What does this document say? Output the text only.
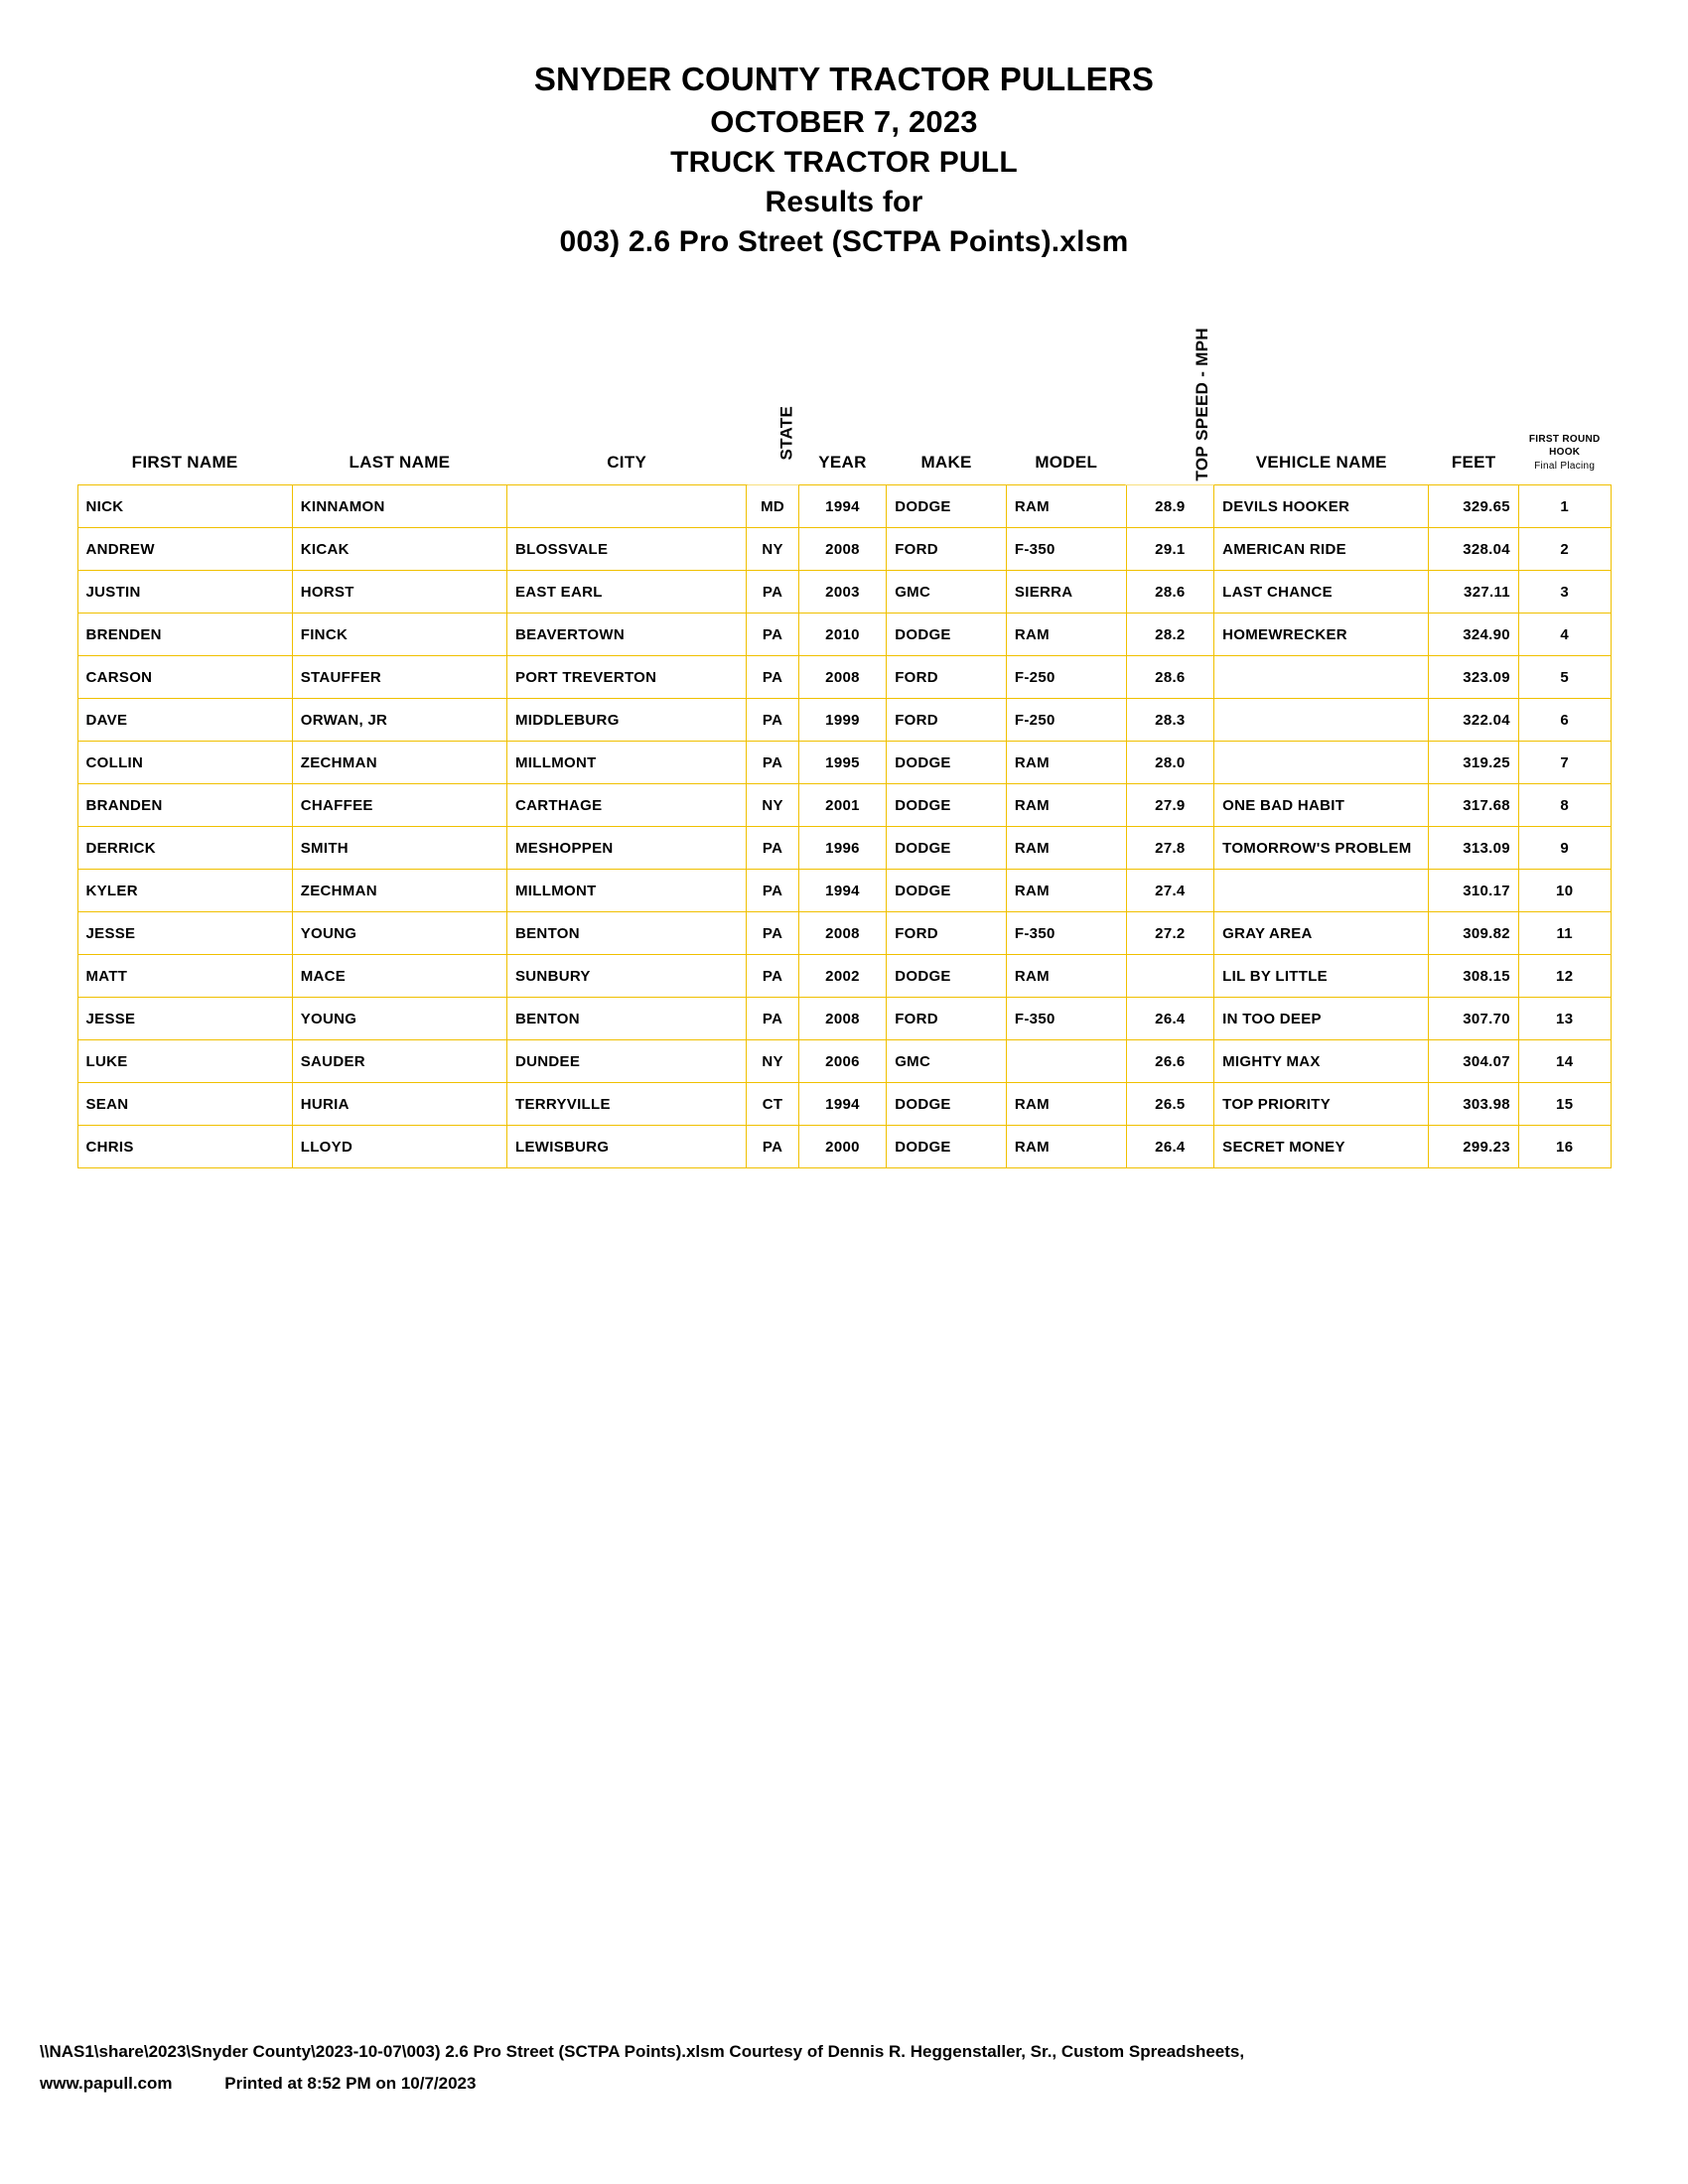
SNYDER COUNTY TRACTOR PULLERS
OCTOBER 7, 2023
TRUCK TRACTOR PULL
Results for
003) 2.6 Pro Street (SCTPA Points).xlsm
FIRST NAME	LAST NAME	CITY	STATE	YEAR	MAKE	MODEL	TOP SPEED - MPH	VEHICLE NAME	FEET	FIRST ROUND
HOOK
Final Placing

NICK	KINNAMON		MD	1994	DODGE	RAM	28.9	DEVILS HOOKER	329.65	1
ANDREW	KICAK	BLOSSVALE	NY	2008	FORD	F-350	29.1	AMERICAN RIDE	328.04	2
JUSTIN	HORST	EAST EARL	PA	2003	GMC	SIERRA	28.6	LAST CHANCE	327.11	3
BRENDEN	FINCK	BEAVERTOWN	PA	2010	DODGE	RAM	28.2	HOMEWRECKER	324.90	4
CARSON	STAUFFER	PORT TREVERTON	PA	2008	FORD	F-250	28.6		323.09	5
DAVE	ORWAN, JR	MIDDLEBURG	PA	1999	FORD	F-250	28.3		322.04	6
COLLIN	ZECHMAN	MILLMONT	PA	1995	DODGE	RAM	28.0		319.25	7
BRANDEN	CHAFFEE	CARTHAGE	NY	2001	DODGE	RAM	27.9	ONE BAD HABIT	317.68	8
DERRICK	SMITH	MESHOPPEN	PA	1996	DODGE	RAM	27.8	TOMORROW'S PROBLEM	313.09	9
KYLER	ZECHMAN	MILLMONT	PA	1994	DODGE	RAM	27.4		310.17	10
JESSE	YOUNG	BENTON	PA	2008	FORD	F-350	27.2	GRAY AREA	309.82	11
MATT	MACE	SUNBURY	PA	2002	DODGE	RAM		LIL BY LITTLE	308.15	12
JESSE	YOUNG	BENTON	PA	2008	FORD	F-350	26.4	IN TOO DEEP	307.70	13
LUKE	SAUDER	DUNDEE	NY	2006	GMC		26.6	MIGHTY MAX	304.07	14
SEAN	HURIA	TERRYVILLE	CT	1994	DODGE	RAM	26.5	TOP PRIORITY	303.98	15
CHRIS	LLOYD	LEWISBURG	PA	2000	DODGE	RAM	26.4	SECRET MONEY	299.23	16
\\NAS1\share\2023\Snyder County\2023-10-07\003) 2.6 Pro Street (SCTPA Points).xlsm Courtesy of Dennis R. Heggenstaller, Sr., Custom Spreadsheets,
www.papull.com	Printed at 8:52 PM on 10/7/2023
